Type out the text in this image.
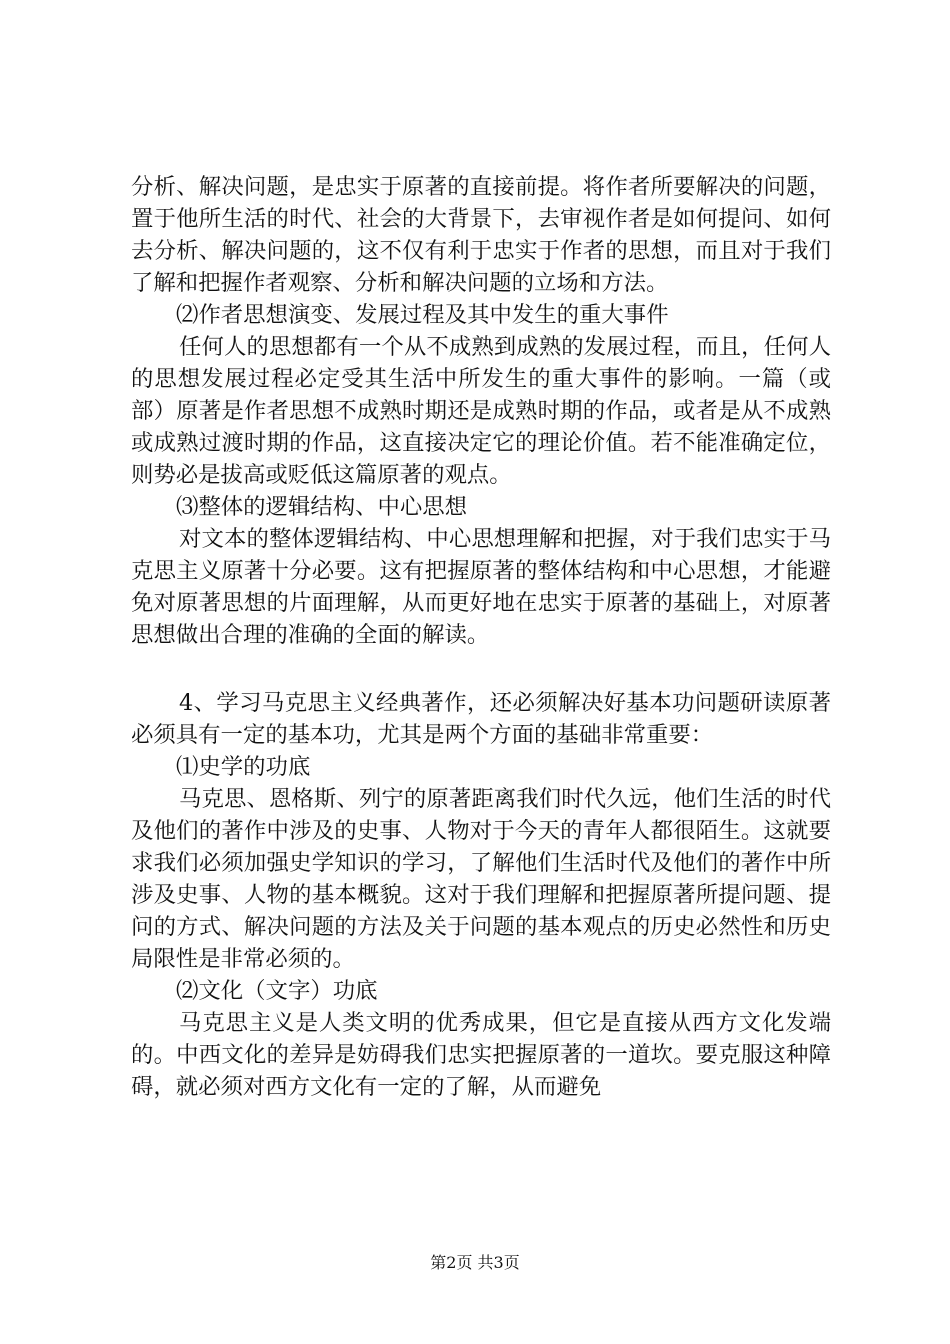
分析、解决问题，是忠实于原著的直接前提。将作者所要解决的问题，置于他所生活的时代、社会的大背景下，去审视作者是如何提问、如何去分析、解决问题的，这不仅有利于忠实于作者的思想，而且对于我们了解和把握作者观察、分析和解决问题的立场和方法。

⑵作者思想演变、发展过程及其中发生的重大事件

任何人的思想都有一个从不成熟到成熟的发展过程，而且，任何人的思想发展过程必定受其生活中所发生的重大事件的影响。一篇（或部）原著是作者思想不成熟时期还是成熟时期的作品，或者是从不成熟或成熟过渡时期的作品，这直接决定它的理论价值。若不能准确定位，则势必是拔高或贬低这篇原著的观点。

⑶整体的逻辑结构、中心思想

对文本的整体逻辑结构、中心思想理解和把握，对于我们忠实于马克思主义原著十分必要。这有把握原著的整体结构和中心思想，才能避免对原著思想的片面理解，从而更好地在忠实于原著的基础上，对原著思想做出合理的准确的全面的解读。

4、学习马克思主义经典著作，还必须解决好基本功问题研读原著必须具有一定的基本功，尤其是两个方面的基础非常重要：

⑴史学的功底

马克思、恩格斯、列宁的原著距离我们时代久远，他们生活的时代及他们的著作中涉及的史事、人物对于今天的青年人都很陌生。这就要求我们必须加强史学知识的学习，了解他们生活时代及他们的著作中所涉及史事、人物的基本概貌。这对于我们理解和把握原著所提问题、提问的方式、解决问题的方法及关于问题的基本观点的历史必然性和历史局限性是非常必须的。

⑵文化（文字）功底

马克思主义是人类文明的优秀成果，但它是直接从西方文化发端的。中西文化的差异是妨碍我们忠实把握原著的一道坎。要克服这种障碍，就必须对西方文化有一定的了解，从而避免

第2页 共3页
